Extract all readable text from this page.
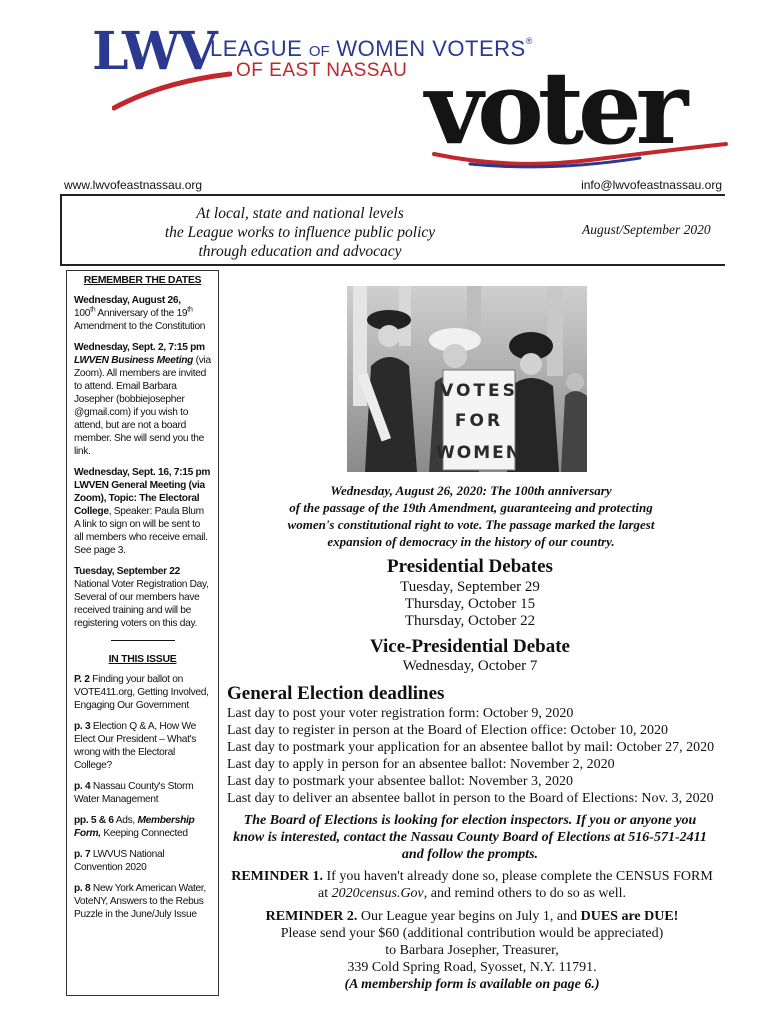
LWV
LEAGUE OF WOMEN VOTERS®
OF EAST NASSAU voter
www.lwvofeastnassau.org	info@lwvofeastnassau.org
At local, state and national levels
the League works to influence public policy
through education and advocacy
August/September 2020
REMEMBER THE DATES
Wednesday, August 26,
100th Anniversary of the 19th Amendment to the Constitution
Wednesday, Sept. 2, 7:15 pm
LWVEN Business Meeting (via Zoom). All members are invited to attend. Email Barbara Josepher (bobbiejosepher @gmail.com) if you wish to attend, but are not a board member. She will send you the link.
Wednesday, Sept. 16, 7:15 pm
LWVEN General Meeting (via Zoom), Topic: The Electoral College, Speaker: Paula Blum
A link to sign on will be sent to all members who receive email. See page 3.
Tuesday, September 22
National Voter Registration Day, Several of our members have received training and will be registering voters on this day.
IN THIS ISSUE
P. 2 Finding your ballot on VOTE411.org, Getting Involved, Engaging Our Government
p. 3 Election Q & A, How We Elect Our President – What's wrong with the Electoral College?
p. 4 Nassau County's Storm Water Management
pp. 5 & 6 Ads, Membership Form, Keeping Connected
p. 7 LWVUS National Convention 2020
p. 8 New York American Water, VoteNY, Answers to the Rebus Puzzle in the June/July Issue
VOTES
FOR
WOMEN
Wednesday, August 26, 2020: The 100th anniversary
of the passage of the 19th Amendment, guaranteeing and protecting
women's constitutional right to vote. The passage marked the largest
expansion of democracy in the history of our country.
Presidential Debates
Tuesday, September 29
Thursday, October 15
Thursday, October 22
Vice-Presidential Debate
Wednesday, October 7
General Election deadlines
Last day to post your voter registration form: October 9, 2020
Last day to register in person at the Board of Election office: October 10, 2020
Last day to postmark your application for an absentee ballot by mail: October 27, 2020
Last day to apply in person for an absentee ballot: November 2, 2020
Last day to postmark your absentee ballot: November 3, 2020
Last day to deliver an absentee ballot in person to the Board of Elections: Nov. 3, 2020
The Board of Elections is looking for election inspectors. If you or anyone you
know is interested, contact the Nassau County Board of Elections at 516-571-2411
and follow the prompts.
REMINDER 1. If you haven't already done so, please complete the CENSUS FORM
at 2020census.Gov, and remind others to do so as well.
REMINDER 2. Our League year begins on July 1, and DUES are DUE!
Please send your $60 (additional contribution would be appreciated)
to Barbara Josepher, Treasurer,
339 Cold Spring Road, Syosset, N.Y. 11791.
(A membership form is available on page 6.)
